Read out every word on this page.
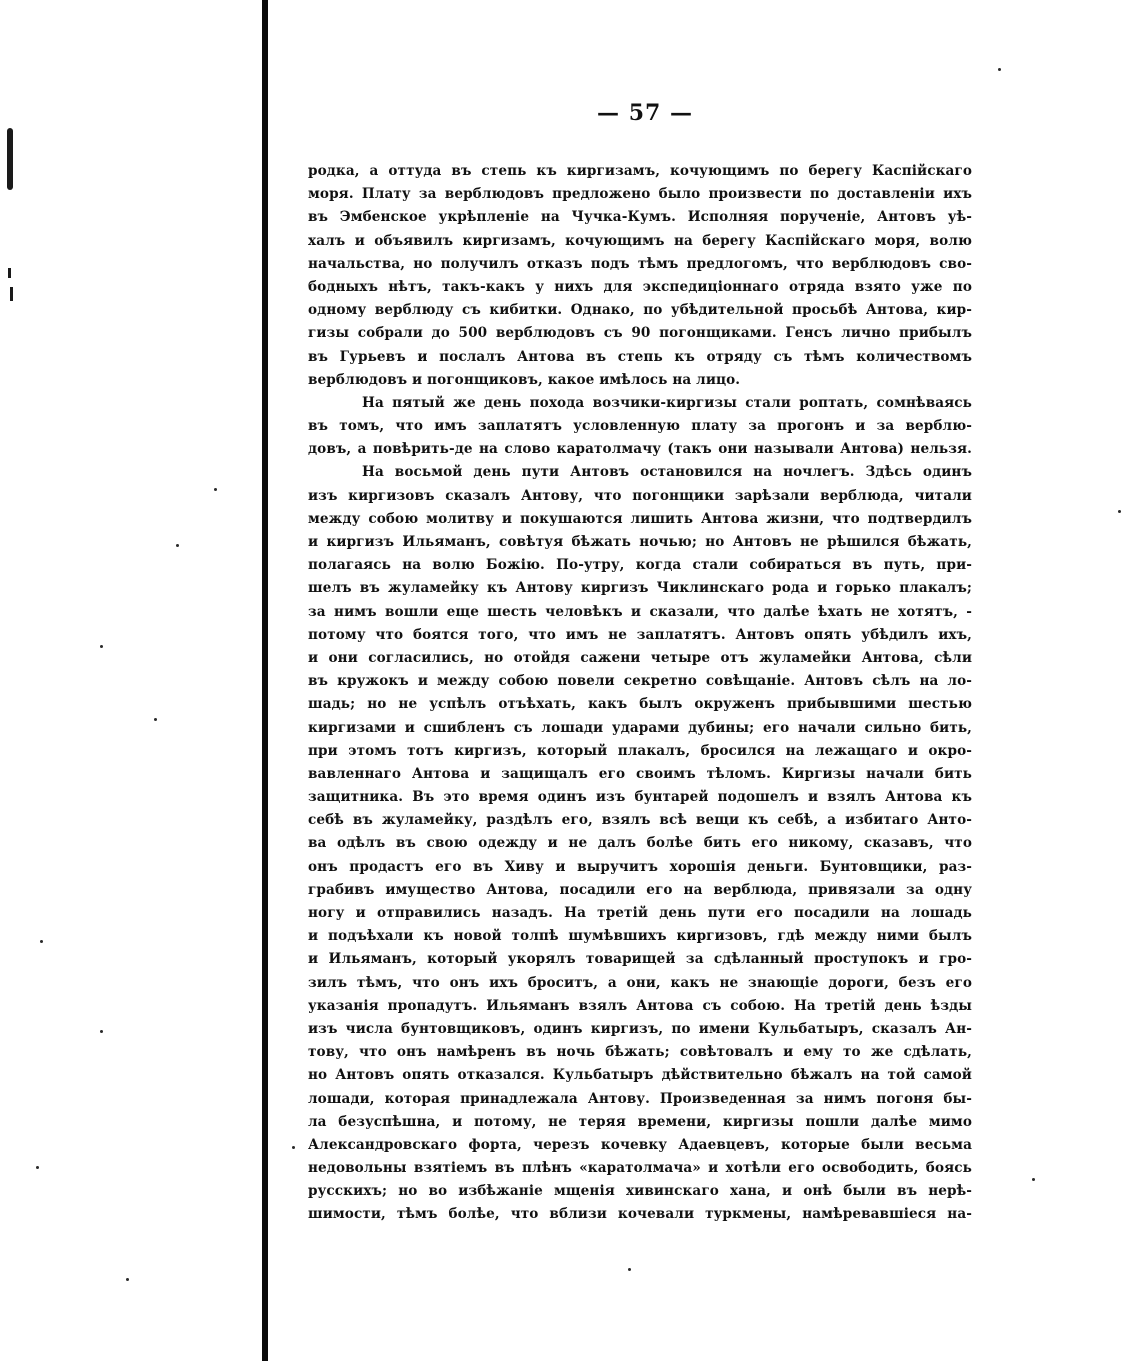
— 57 —
родка, а оттуда въ степь къ киргизамъ, кочующимъ по берегу Каспійскаго
моря. Плату за верблюдовъ предложено было произвести по доставленіи ихъ
въ Эмбенское укрѣпленіе на Чучка-Кумъ. Исполняя порученіе, Антовъ уѣ-
халъ и объявилъ киргизамъ, кочующимъ на берегу Каспійскаго моря, волю
начальства, но получилъ отказъ подъ тѣмъ предлогомъ, что верблюдовъ сво-
бодныхъ нѣтъ, такъ-какъ у нихъ для экспедиціоннаго отряда взято уже по
одному верблюду съ кибитки. Однако, по убѣдительной просьбѣ Антова, кир-
гизы собрали до 500 верблюдовъ съ 90 погонщиками. Генсъ лично прибылъ
въ Гурьевъ и послалъ Антова въ степь къ отряду съ тѣмъ количествомъ
верблюдовъ и погонщиковъ, какое имѣлось на лицо.
На пятый же день похода возчики-киргизы стали роптать, сомнѣваясь
въ томъ, что имъ заплатятъ условленную плату за прогонъ и за верблю-
довъ, а повѣрить-де на слово каратолмачу (такъ они называли Антова) нельзя.
На восьмой день пути Антовъ остановился на ночлегъ. Здѣсь одинъ
изъ киргизовъ сказалъ Антову, что погонщики зарѣзали верблюда, читали
между собою молитву и покушаются лишить Антова жизни, что подтвердилъ
и киргизъ Ильяманъ, совѣтуя бѣжать ночью; но Антовъ не рѣшился бѣжать,
полагаясь на волю Божію. По-утру, когда стали собираться въ путь, при-
шелъ въ жуламейку къ Антову киргизъ Чиклинскаго рода и горько плакалъ;
за нимъ вошли еще шесть человѣкъ и сказали, что далѣе ѣхать не хотятъ, -
потому что боятся того, что имъ не заплатятъ. Антовъ опять убѣдилъ ихъ,
и они согласились, но отойдя сажени четыре отъ жуламейки Антова, сѣли
въ кружокъ и между собою повели секретно совѣщаніе. Антовъ сѣлъ на ло-
шадь; но не успѣлъ отъѣхать, какъ былъ окруженъ прибывшими шестью
киргизами и сшибленъ съ лошади ударами дубины; его начали сильно бить,
при этомъ тотъ киргизъ, который плакалъ, бросился на лежащаго и окро-
вавленнаго Антова и защищалъ его своимъ тѣломъ. Киргизы начали бить
защитника. Въ это время одинъ изъ бунтарей подошелъ и взялъ Антова къ
себѣ въ жуламейку, раздѣлъ его, взялъ всѣ вещи къ себѣ, а избитаго Анто-
ва одѣлъ въ свою одежду и не далъ болѣе бить его никому, сказавъ, что
онъ продастъ его въ Хиву и выручитъ хорошія деньги. Бунтовщики, раз-
грабивъ имущество Антова, посадили его на верблюда, привязали за одну
ногу и отправились назадъ. На третій день пути его посадили на лошадь
и подъѣхали къ новой толпѣ шумѣвшихъ киргизовъ, гдѣ между ними былъ
и Ильяманъ, который укорялъ товарищей за сдѣланный проступокъ и гро-
зилъ тѣмъ, что онъ ихъ броситъ, а они, какъ не знающіе дороги, безъ его
указанія пропадутъ. Ильяманъ взялъ Антова съ собою. На третій день ѣзды
изъ числа бунтовщиковъ, одинъ киргизъ, по имени Кульбатыръ, сказалъ Ан-
тову, что онъ намѣренъ въ ночь бѣжать; совѣтовалъ и ему то же сдѣлать,
но Антовъ опять отказался. Кульбатыръ дѣйствительно бѣжалъ на той самой
лошади, которая принадлежала Антову. Произведенная за нимъ погоня бы-
ла безуспѣшна, и потому, не теряя времени, киргизы пошли далѣе мимо
Александровскаго форта, черезъ кочевку Адаевцевъ, которые были весьма
недовольны взятіемъ въ плѣнъ «каратолмача» и хотѣли его освободить, боясь
русскихъ; но во избѣжаніе мщенія хивинскаго хана, и онѣ были въ нерѣ-
шимости, тѣмъ болѣе, что вблизи кочевали туркмены, намѣревавшіеся на-
